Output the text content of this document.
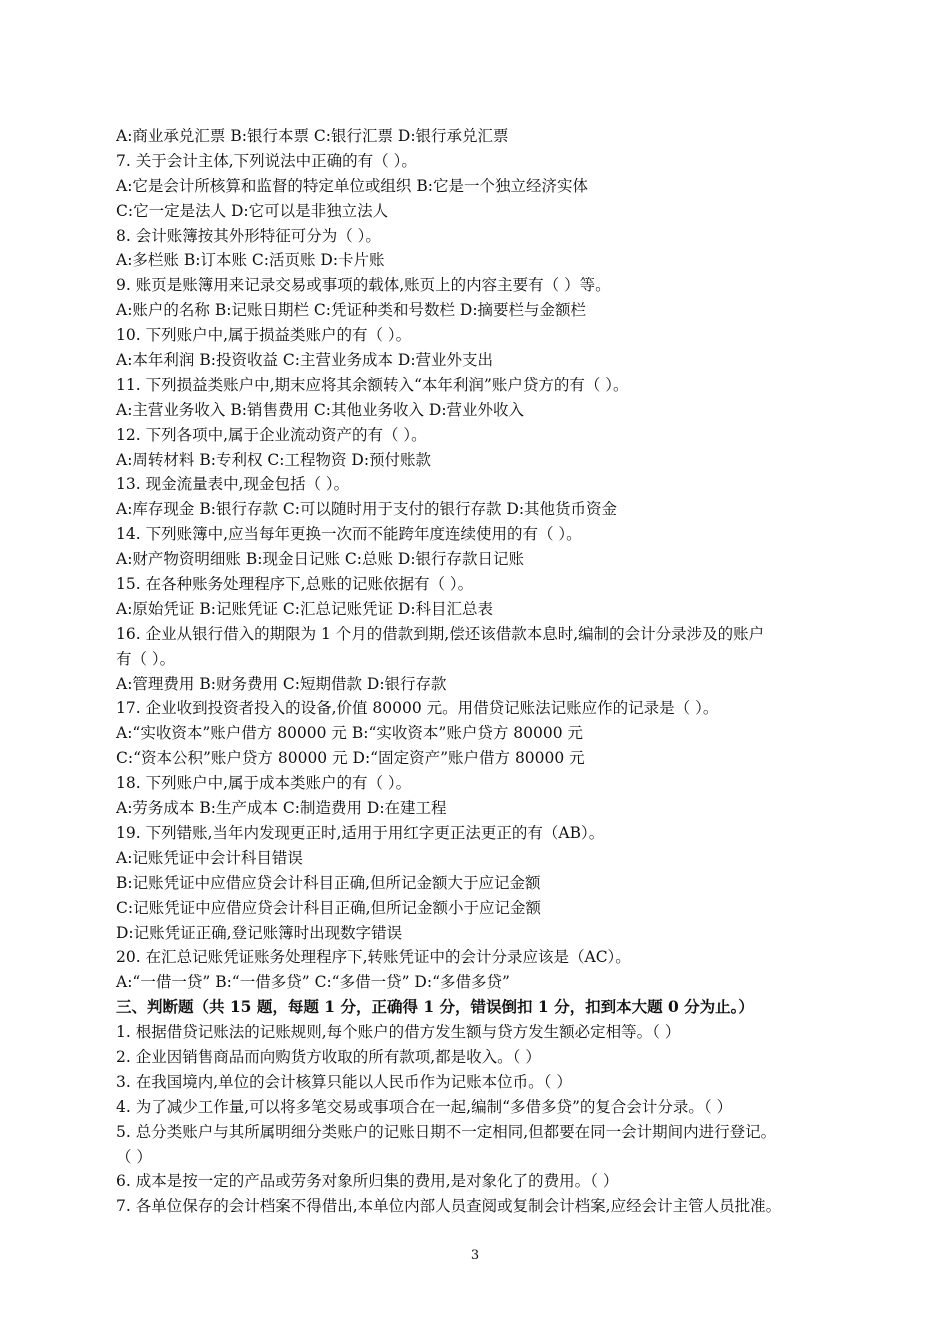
A:商业承兑汇票 B:银行本票 C:银行汇票 D:银行承兑汇票
7. 关于会计主体,下列说法中正确的有（ ）。
A:它是会计所核算和监督的特定单位或组织 B:它是一个独立经济实体
C:它一定是法人 D:它可以是非独立法人
8. 会计账簿按其外形特征可分为（ ）。
A:多栏账 B:订本账 C:活页账 D:卡片账
9. 账页是账簿用来记录交易或事项的载体,账页上的内容主要有（ ）等。
A:账户的名称 B:记账日期栏 C:凭证种类和号数栏 D:摘要栏与金额栏
10. 下列账户中,属于损益类账户的有（ ）。
A:本年利润 B:投资收益 C:主营业务成本 D:营业外支出
11. 下列损益类账户中,期末应将其余额转入“本年利润”账户贷方的有（ ）。
A:主营业务收入 B:销售费用 C:其他业务收入 D:营业外收入
12. 下列各项中,属于企业流动资产的有（ ）。
A:周转材料 B:专利权 C:工程物资 D:预付账款
13. 现金流量表中,现金包括（ ）。
A:库存现金 B:银行存款 C:可以随时用于支付的银行存款 D:其他货币资金
14. 下列账簿中,应当每年更换一次而不能跨年度连续使用的有（ ）。
A:财产物资明细账 B:现金日记账 C:总账 D:银行存款日记账
15. 在各种账务处理程序下,总账的记账依据有（ ）。
A:原始凭证 B:记账凭证 C:汇总记账凭证 D:科目汇总表
16. 企业从银行借入的期限为 1 个月的借款到期,偿还该借款本息时,编制的会计分录涉及的账户
有（ ）。
A:管理费用 B:财务费用 C:短期借款 D:银行存款
17. 企业收到投资者投入的设备,价值 80000 元。用借贷记账法记账应作的记录是（ ）。
A:“实收资本”账户借方 80000 元 B:“实收资本”账户贷方 80000 元
C:“资本公积”账户贷方 80000 元 D:“固定资产”账户借方 80000 元
18. 下列账户中,属于成本类账户的有（ ）。
A:劳务成本 B:生产成本 C:制造费用 D:在建工程
19. 下列错账,当年内发现更正时,适用于用红字更正法更正的有（AB）。
A:记账凭证中会计科目错误
B:记账凭证中应借应贷会计科目正确,但所记金额大于应记金额
C:记账凭证中应借应贷会计科目正确,但所记金额小于应记金额
D:记账凭证正确,登记账簿时出现数字错误
20. 在汇总记账凭证账务处理程序下,转账凭证中的会计分录应该是（AC）。
A:“一借一贷” B:“一借多贷” C:“多借一贷” D:“多借多贷”
三、判断题（共 15 题，每题 1 分，正确得 1 分，错误倒扣 1 分，扣到本大题 0 分为止。）
1. 根据借贷记账法的记账规则,每个账户的借方发生额与贷方发生额必定相等。（ ）
2. 企业因销售商品而向购货方收取的所有款项,都是收入。（ ）
3. 在我国境内,单位的会计核算只能以人民币作为记账本位币。（ ）
4. 为了减少工作量,可以将多笔交易或事项合在一起,编制“多借多贷”的复合会计分录。（ ）
5. 总分类账户与其所属明细分类账户的记账日期不一定相同,但都要在同一会计期间内进行登记。
（ ）
6. 成本是按一定的产品或劳务对象所归集的费用,是对象化了的费用。（ ）
7. 各单位保存的会计档案不得借出,本单位内部人员查阅或复制会计档案,应经会计主管人员批准。
3
